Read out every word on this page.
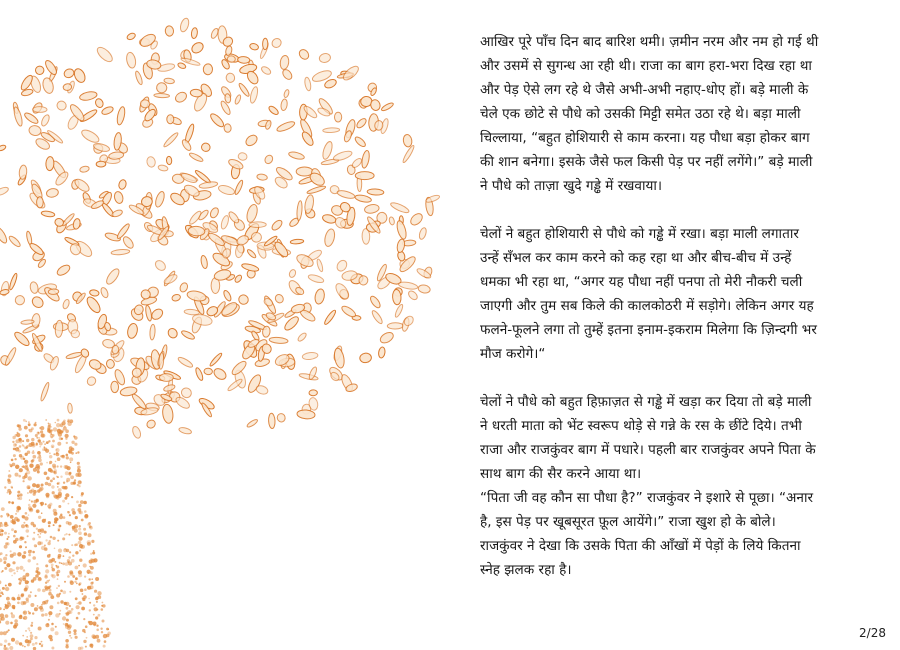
आखिर पूरे पाँच दिन बाद बारिश थमी। ज़मीन नरम और नम हो गई थी
और उसमें से सुगन्ध आ रही थी। राजा का बाग हरा-भरा दिख रहा था
और पेड़ ऐसे लग रहे थे जैसे अभी-अभी नहाए-धोए हों। बड़े माली के
चेले एक छोटे से पौधे को उसकी मिट्टी समेत उठा रहे थे। बड़ा माली
चिल्लाया, “बहुत होशियारी से काम करना। यह पौधा बड़ा होकर बाग
की शान बनेगा। इसके जैसे फल किसी पेड़ पर नहीं लगेंगे।” बड़े माली
ने पौधे को ताज़ा खुदे गड्ढे में रखवाया।

चेलों ने बहुत होशियारी से पौधे को गड्ढे में रखा। बड़ा माली लगातार
उन्हें सँभल कर काम करने को कह रहा था और बीच-बीच में उन्हें
धमका भी रहा था, “अगर यह पौधा नहीं पनपा तो मेरी नौकरी चली
जाएगी और तुम सब किले की कालकोठरी में सड़ोगे। लेकिन अगर यह
फलने-फूलने लगा तो तुम्हें इतना इनाम-इकराम मिलेगा कि ज़िन्दगी भर
मौज करोगे।“

चेलों ने पौधे को बहुत हिफ़ाज़त से गड्ढे में खड़ा कर दिया तो बड़े माली
ने धरती माता को भेंट स्वरूप थोड़े से गन्ने के रस के छींटे दिये। तभी
राजा और राजकुंवर बाग में पधारे। पहली बार राजकुंवर अपने पिता के
साथ बाग की सैर करने आया था।
“पिता जी वह कौन सा पौधा है?” राजकुंवर ने इशारे से पूछा। “अनार
है, इस पेड़ पर खूबसूरत फ़ूल आयेंगे।” राजा खुश हो के बोले।
राजकुंवर ने देखा कि उसके पिता की आँखों में पेड़ों के लिये कितना
स्नेह झलक रहा है।

2/28
